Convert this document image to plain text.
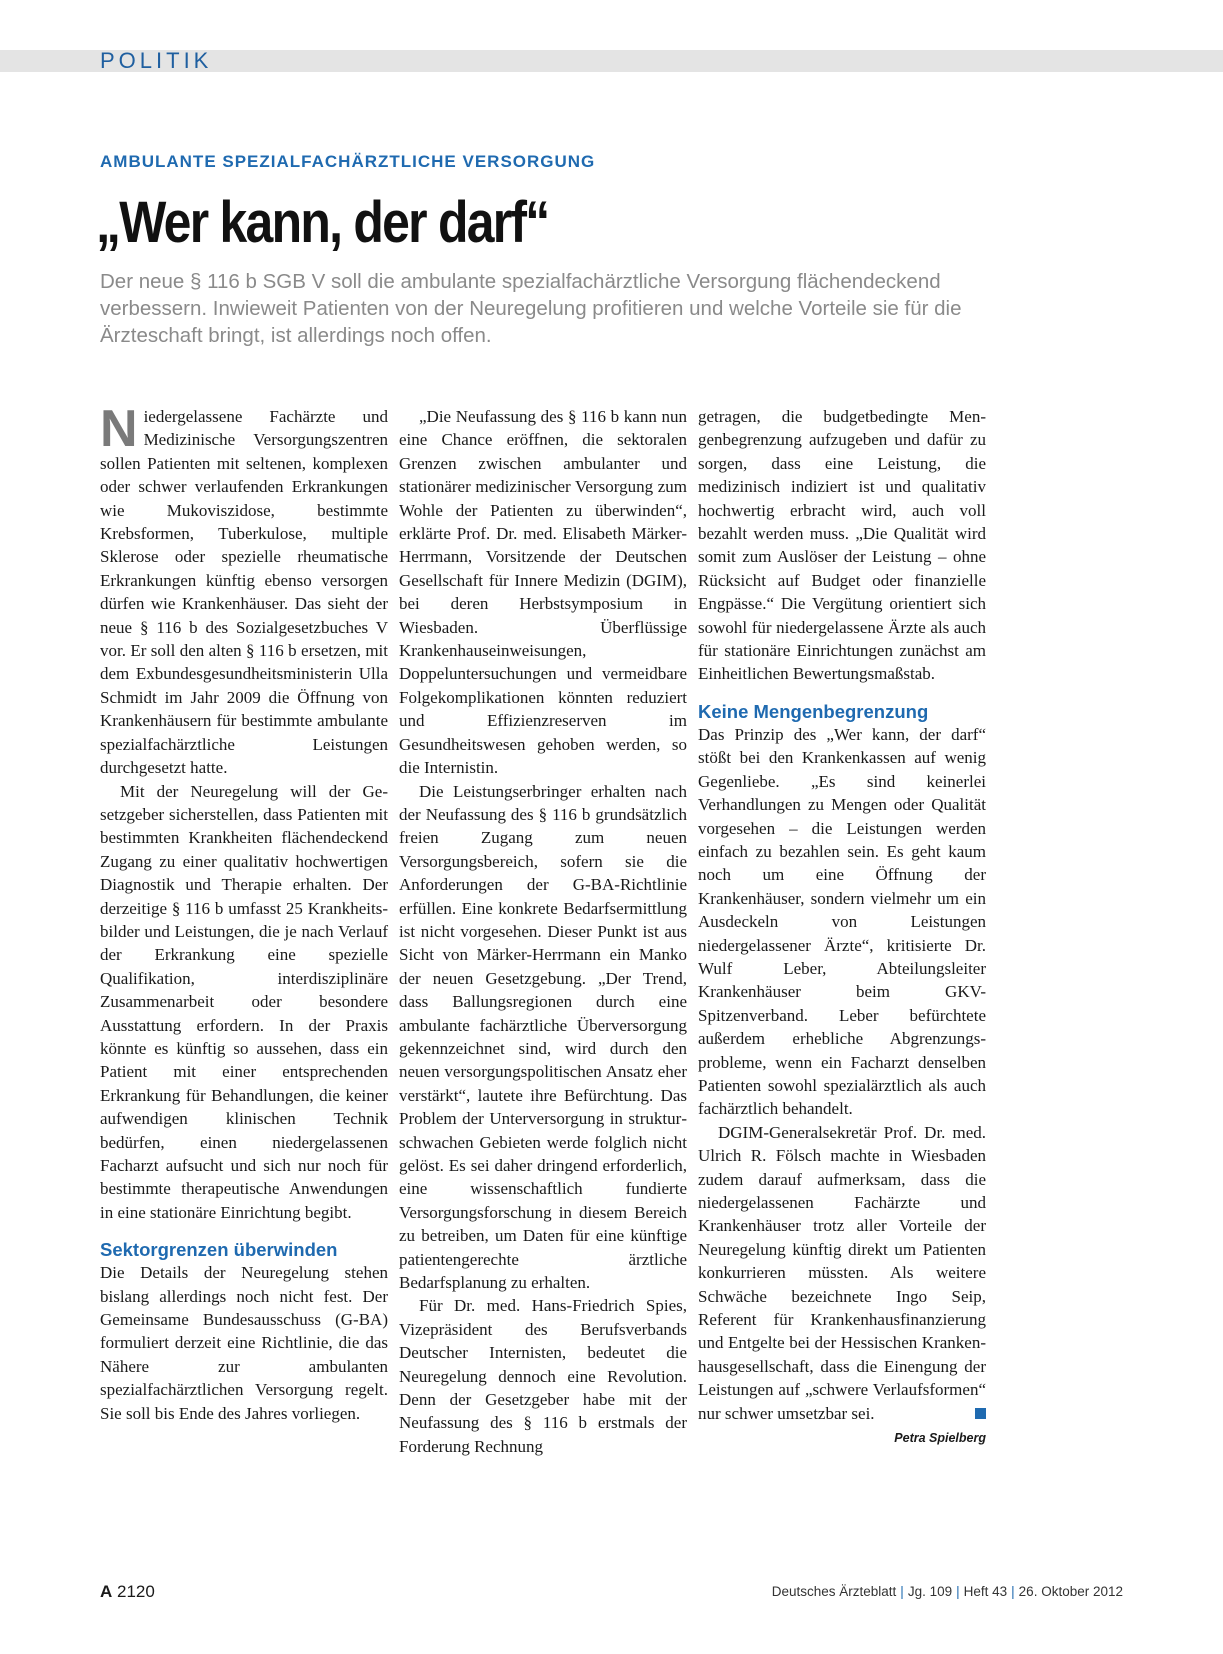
POLITIK
AMBULANTE SPEZIALFACHÄRZTLICHE VERSORGUNG
„Wer kann, der darf“
Der neue § 116 b SGB V soll die ambulante spezialfachärztliche Versorgung flächendeckend verbessern. Inwieweit Patienten von der Neuregelung profitieren und welche Vorteile sie für die Ärzteschaft bringt, ist allerdings noch offen.

Niedergelassene Fachärzte und Medizinische Versorgungszentren sollen Patienten mit seltenen, komplexen oder schwer verlaufenden Erkrankungen wie Mukoviszidose, bestimmte Krebsformen, Tuberkulose, multiple Sklerose oder spezielle rheumatische Erkrankungen künftig ebenso versorgen dürfen wie Krankenhäuser. Das sieht der neue § 116 b des Sozialgesetzbuches V vor. Er soll den alten § 116 b ersetzen, mit dem Exbundesgesundheitsministerin Ulla Schmidt im Jahr 2009 die Öffnung von Krankenhäusern für bestimmte ambulante spezialfachärztliche Leistungen durchgesetzt hatte.

Mit der Neuregelung will der Gesetzgeber sicherstellen, dass Patienten mit bestimmten Krankheiten flächendeckend Zugang zu einer qualitativ hochwertigen Diagnostik und Therapie erhalten. Der derzeitige § 116 b umfasst 25 Krankheitsbilder und Leistungen, die je nach Verlauf der Erkrankung eine spezielle Qualifikation, interdisziplinäre Zusammenarbeit oder besondere Ausstattung erfordern. In der Praxis könnte es künftig so aussehen, dass ein Patient mit einer entsprechenden Erkrankung für Behandlungen, die keiner aufwendigen klinischen Technik bedürfen, einen niedergelassenen Facharzt aufsucht und sich nur noch für bestimmte therapeutische Anwendungen in eine stationäre Einrichtung begibt.

Sektorgrenzen überwinden

Die Details der Neuregelung stehen bislang allerdings noch nicht fest. Der Gemeinsame Bundesausschuss (G-BA) formuliert derzeit eine Richtlinie, die das Nähere zur ambulanten spezialfachärztlichen Versorgung regelt. Sie soll bis Ende des Jahres vorliegen.

„Die Neufassung des § 116 b kann nun eine Chance eröffnen, die sektoralen Grenzen zwischen ambulanter und stationärer medizinischer Versorgung zum Wohle der Patienten zu überwinden“, erklärte Prof. Dr. med. Elisabeth Märker-Herrmann, Vorsitzende der Deutschen Gesellschaft für Innere Medizin (DGIM), bei deren Herbstsymposium in Wiesbaden. Überflüssige Krankenhauseinweisungen, Doppeluntersuchungen und vermeidbare Folgekomplikationen könnten reduziert und Effizienzreserven im Gesundheitswesen gehoben werden, so die Internistin.

Die Leistungserbringer erhalten nach der Neufassung des § 116 b grundsätzlich freien Zugang zum neuen Versorgungsbereich, sofern sie die Anforderungen der G-BA-Richtlinie erfüllen. Eine konkrete Bedarfsermittlung ist nicht vorgesehen. Dieser Punkt ist aus Sicht von Märker-Herrmann ein Manko der neuen Gesetzgebung. „Der Trend, dass Ballungsregionen durch eine ambulante fachärztliche Überversorgung gekennzeichnet sind, wird durch den neuen versorgungspolitischen Ansatz eher verstärkt“, lautete ihre Befürchtung. Das Problem der Unterversorgung in strukturschwachen Gebieten werde folglich nicht gelöst. Es sei daher dringend erforderlich, eine wissenschaftlich fundierte Versorgungsforschung in diesem Bereich zu betreiben, um Daten für eine künftige patientengerechte ärztliche Bedarfsplanung zu erhalten.

Für Dr. med. Hans-Friedrich Spies, Vizepräsident des Berufsverbands Deutscher Internisten, bedeutet die Neuregelung dennoch eine Revolution. Denn der Gesetzgeber habe mit der Neufassung des § 116 b erstmals der Forderung Rechnung

getragen, die budgetbedingte Mengenbegrenzung aufzugeben und dafür zu sorgen, dass eine Leistung, die medizinisch indiziert ist und qualitativ hochwertig erbracht wird, auch voll bezahlt werden muss. „Die Qualität wird somit zum Auslöser der Leistung – ohne Rücksicht auf Budget oder finanzielle Engpässe.“ Die Vergütung orientiert sich sowohl für niedergelassene Ärzte als auch für stationäre Einrichtungen zunächst am Einheitlichen Bewertungsmaßstab.

Keine Mengenbegrenzung

Das Prinzip des „Wer kann, der darf“ stößt bei den Krankenkassen auf wenig Gegenliebe. „Es sind keinerlei Verhandlungen zu Mengen oder Qualität vorgesehen – die Leistungen werden einfach zu bezahlen sein. Es geht kaum noch um eine Öffnung der Krankenhäuser, sondern vielmehr um ein Ausdeckeln von Leistungen niedergelassener Ärzte“, kritisierte Dr. Wulf Leber, Abteilungsleiter Krankenhäuser beim GKV-Spitzenverband. Leber befürchtete außerdem erhebliche Abgrenzungsprobleme, wenn ein Facharzt denselben Patienten sowohl spezialärztlich als auch fachärztlich behandelt.

DGIM-Generalsekretär Prof. Dr. med. Ulrich R. Fölsch machte in Wiesbaden zudem darauf aufmerksam, dass die niedergelassenen Fachärzte und Krankenhäuser trotz aller Vorteile der Neuregelung künftig direkt um Patienten konkurrieren müssten. Als weitere Schwäche bezeichnete Ingo Seip, Referent für Krankenhausfinanzierung und Entgelte bei der Hessischen Krankenhausgesellschaft, dass die Einengung der Leistungen auf „schwere Verlaufsformen“ nur schwer umsetzbar sei.

Petra Spielberg
A 2120	Deutsches Ärzteblatt | Jg. 109 | Heft 43 | 26. Oktober 2012
